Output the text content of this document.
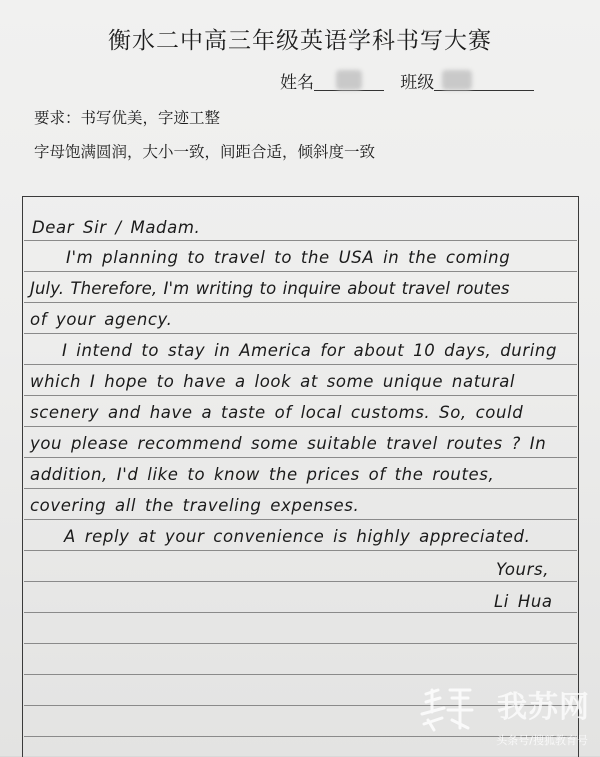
衡水二中高三年级英语学科书写大赛
姓名	班级
要求：书写优美，字迹工整
字母饱满圆润，大小一致，间距合适，倾斜度一致
Dear Sir / Madam.
I'm planning to travel to the USA in the coming
July. Therefore, I'm writing to inquire about travel routes
of your agency.
I intend to stay in America for about 10 days, during
which I hope to have a look at some unique natural
scenery and have a taste of local customs. So, could
you please recommend some suitable travel routes ? In
addition, I'd like to know the prices of the routes,
covering all the traveling expenses.
A reply at your convenience is highly appreciated.
Yours,
Li Hua
我苏网
头条号/搜狐教育号
